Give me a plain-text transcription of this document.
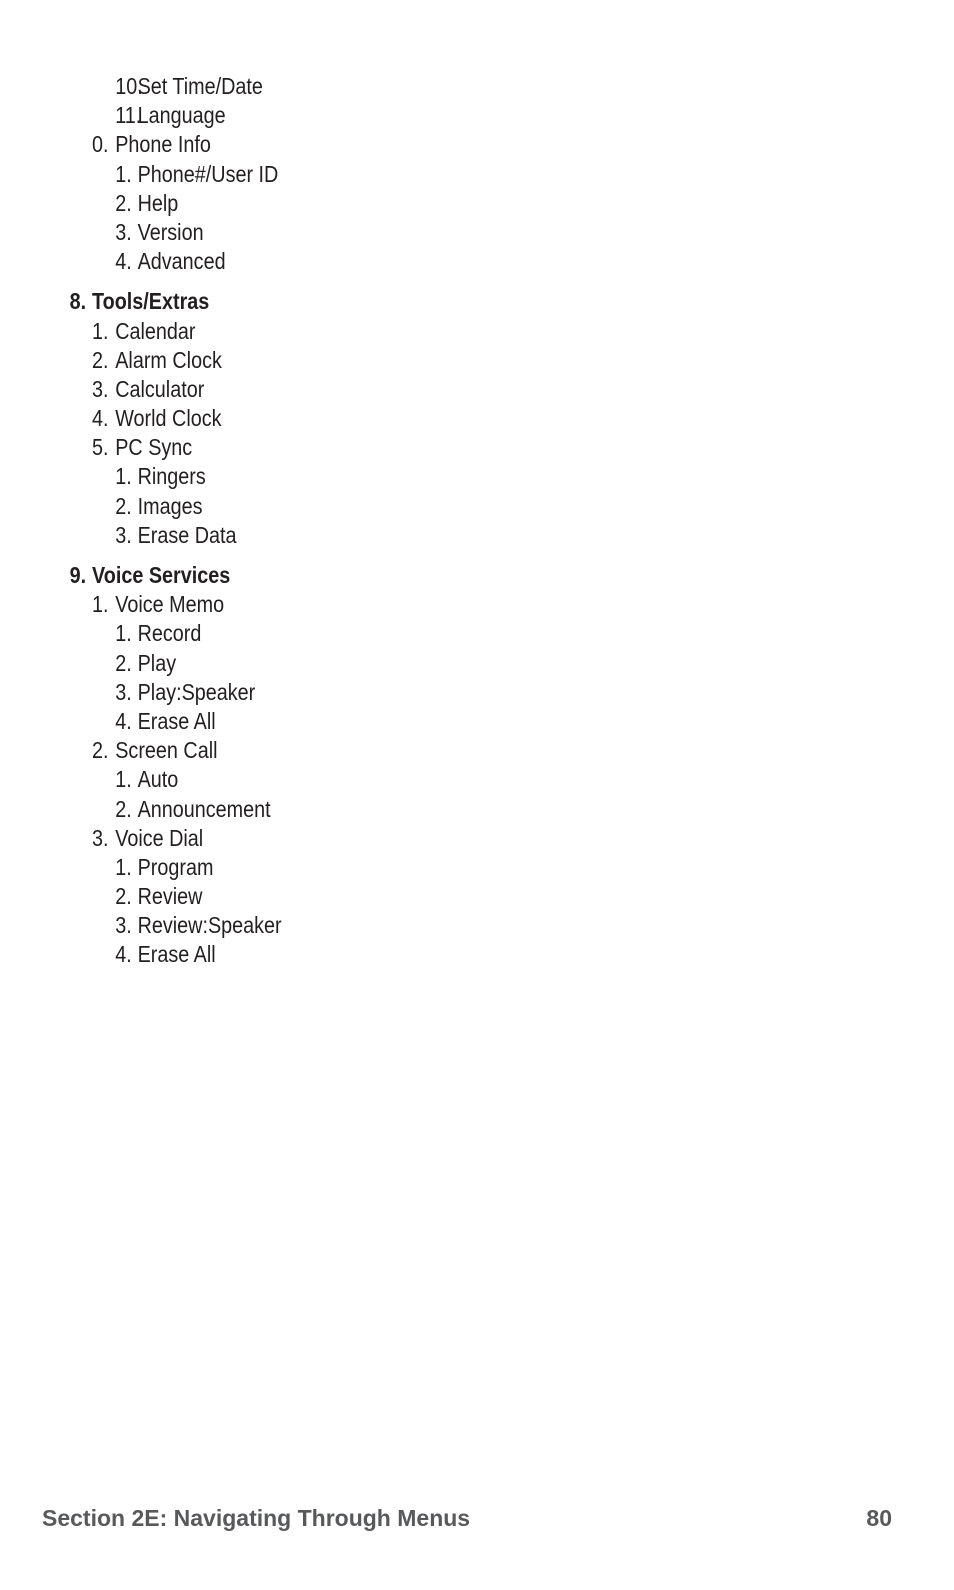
10.
Set Time/Date
11.
Language
0. Phone Info
1. Phone#/User ID
2. Help
3. Version
4. Advanced
8. Tools/Extras
1. Calendar
2. Alarm Clock
3. Calculator
4. World Clock
5. PC Sync
1. Ringers
2. Images
3. Erase Data
9. Voice Services
1. Voice Memo
1. Record
2. Play
3. Play:Speaker
4. Erase All
2. Screen Call
1. Auto
2. Announcement
3. Voice Dial
1. Program
2. Review
3. Review:Speaker
4. Erase All
Section 2E: Navigating Through Menus	80
